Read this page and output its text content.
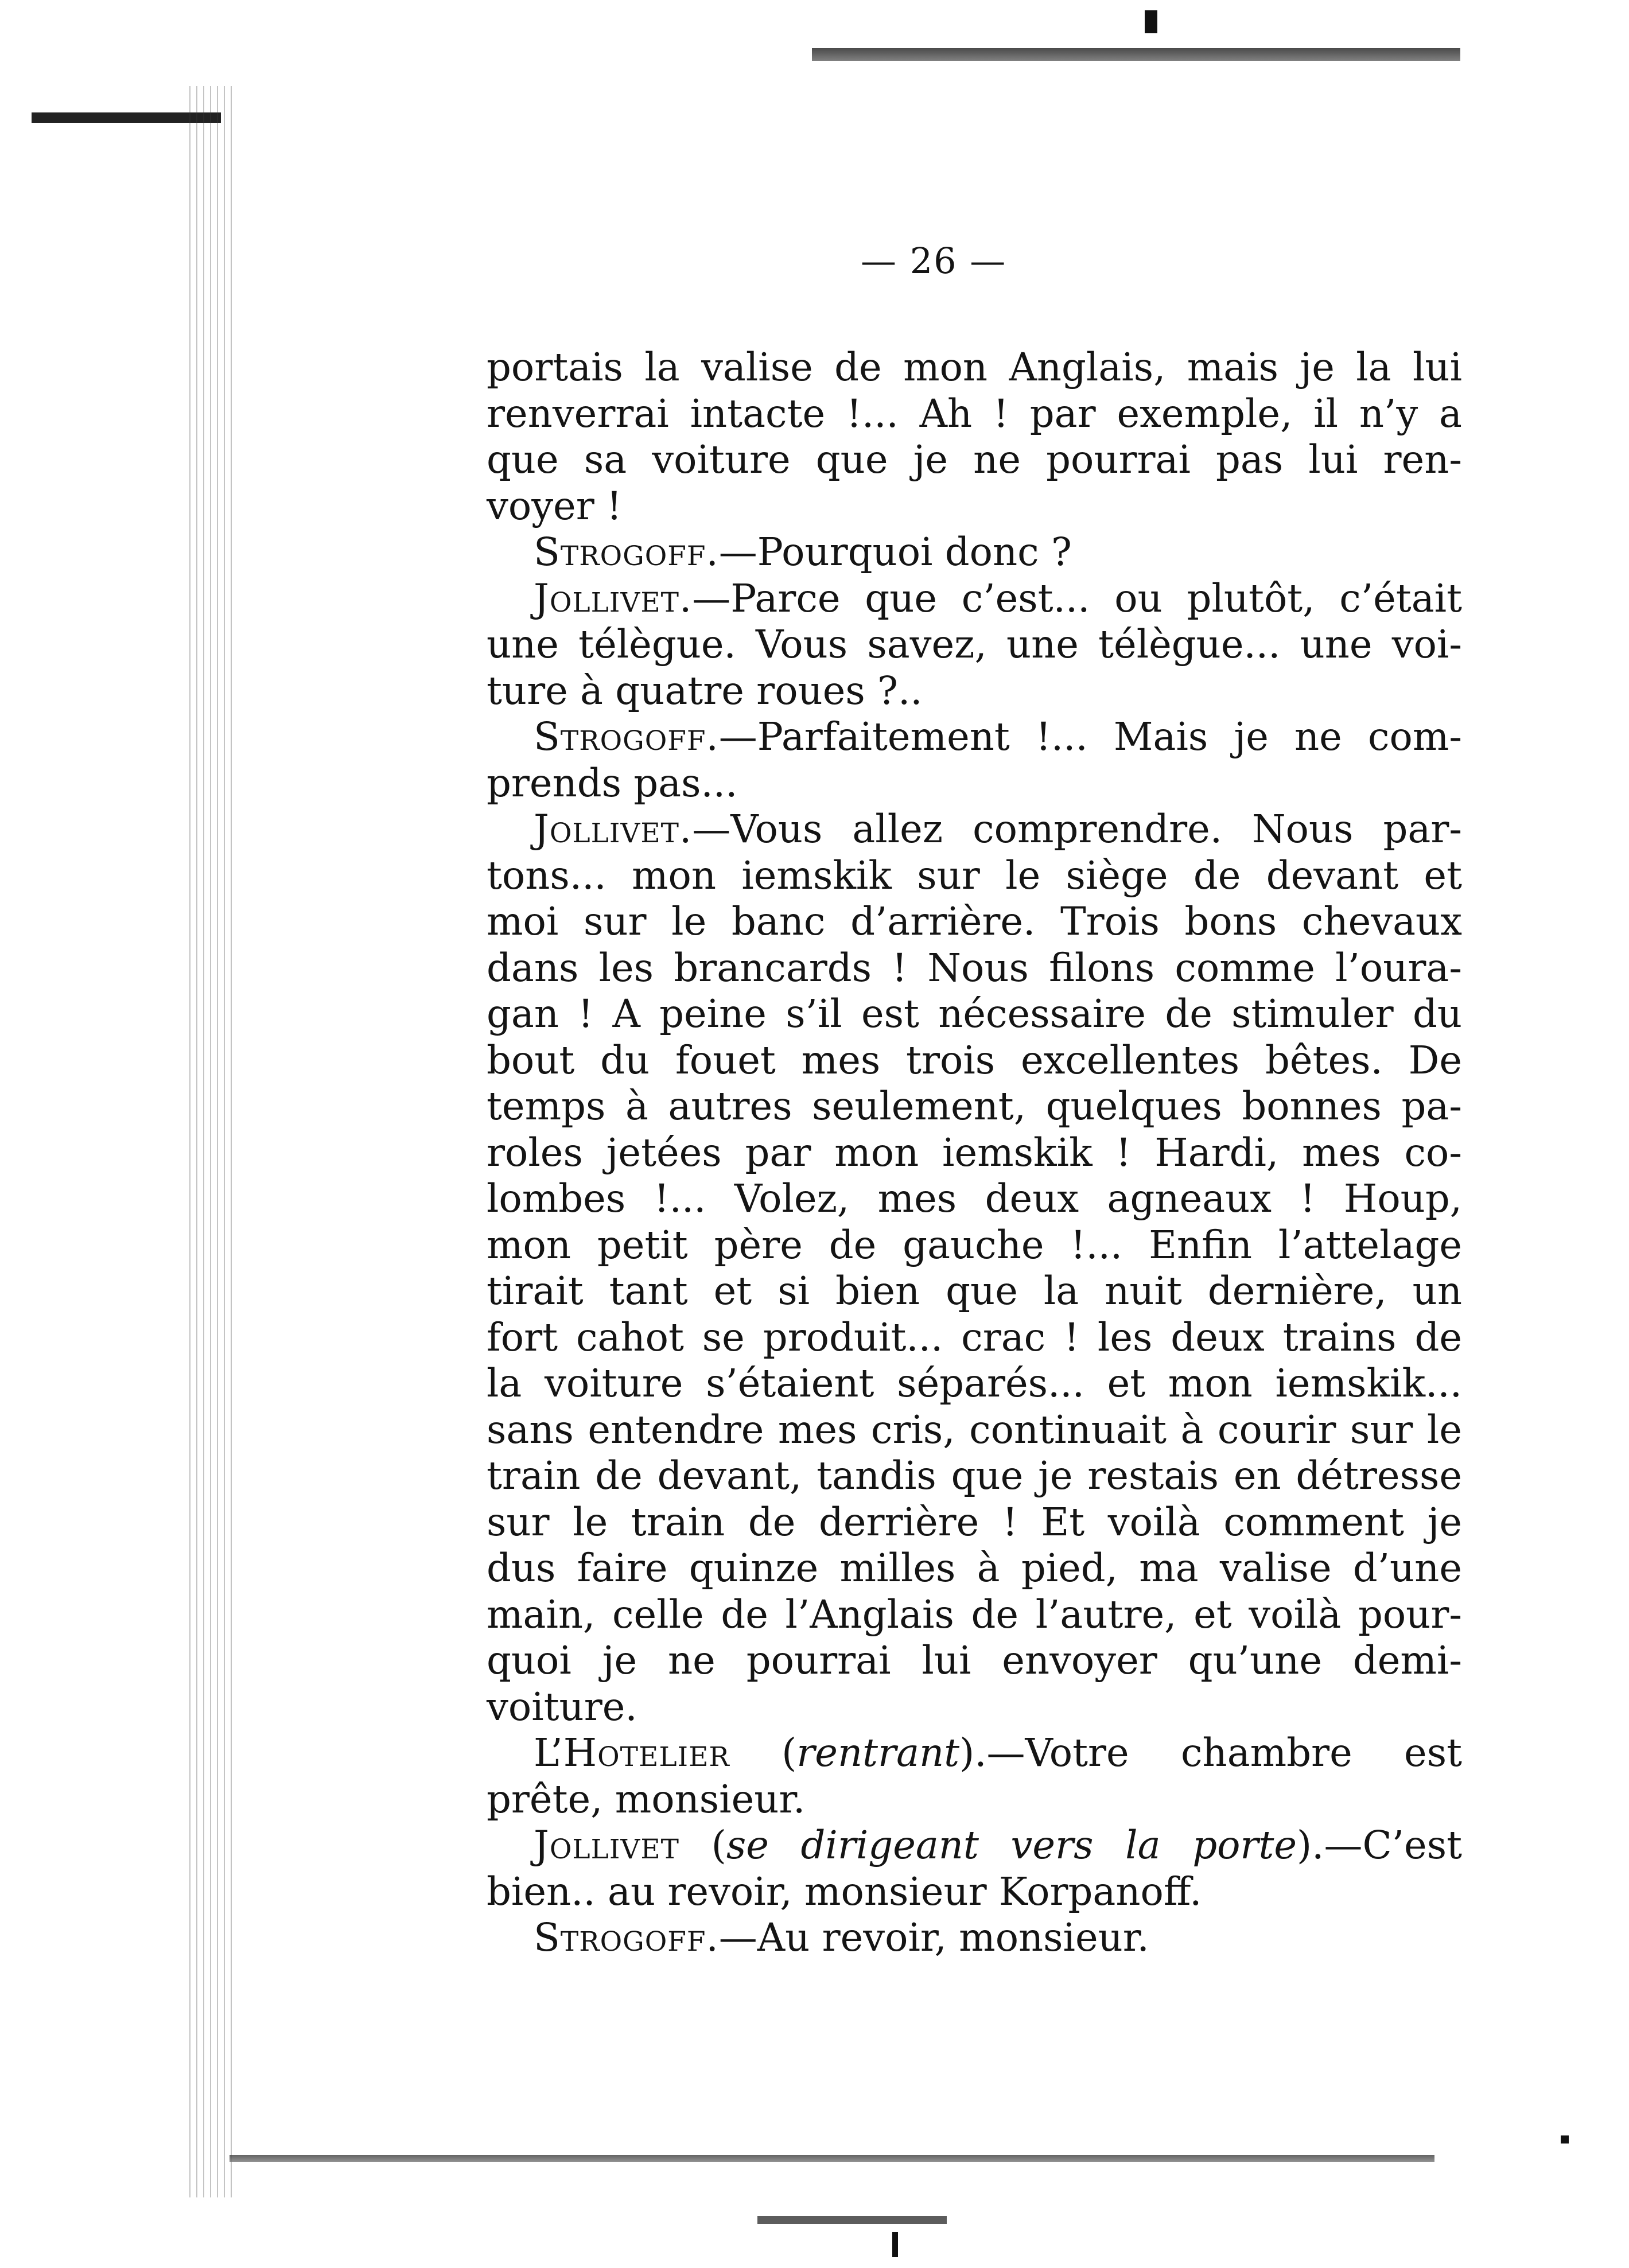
— 26 —
portais la valise de mon Anglais, mais je la lui
renverrai intacte !... Ah ! par exemple, il n’y a
que sa voiture que je ne pourrai pas lui ren-
voyer !
Strogoff.—Pourquoi donc ?
Jollivet.—Parce que c’est... ou plutôt, c’était
une télègue. Vous savez, une télègue... une voi-
ture à quatre roues ?..
Strogoff.—Parfaitement !... Mais je ne com-
prends pas...
Jollivet.—Vous allez comprendre. Nous par-
tons... mon iemskik sur le siège de devant et
moi sur le banc d’arrière. Trois bons chevaux
dans les brancards ! Nous filons comme l’oura-
gan ! A peine s’il est nécessaire de stimuler du
bout du fouet mes trois excellentes bêtes. De
temps à autres seulement, quelques bonnes pa-
roles jetées par mon iemskik ! Hardi, mes co-
lombes !... Volez, mes deux agneaux ! Houp,
mon petit père de gauche !... Enfin l’attelage
tirait tant et si bien que la nuit dernière, un
fort cahot se produit... crac ! les deux trains de
la voiture s’étaient séparés... et mon iemskik...
sans entendre mes cris, continuait à courir sur le
train de devant, tandis que je restais en détresse
sur le train de derrière ! Et voilà comment je
dus faire quinze milles à pied, ma valise d’une
main, celle de l’Anglais de l’autre, et voilà pour-
quoi je ne pourrai lui envoyer qu’une demi-
voiture.
L’Hotelier (rentrant).—Votre chambre est
prête, monsieur.
Jollivet (se dirigeant vers la porte).—C’est
bien.. au revoir, monsieur Korpanoff.
Strogoff.—Au revoir, monsieur.
